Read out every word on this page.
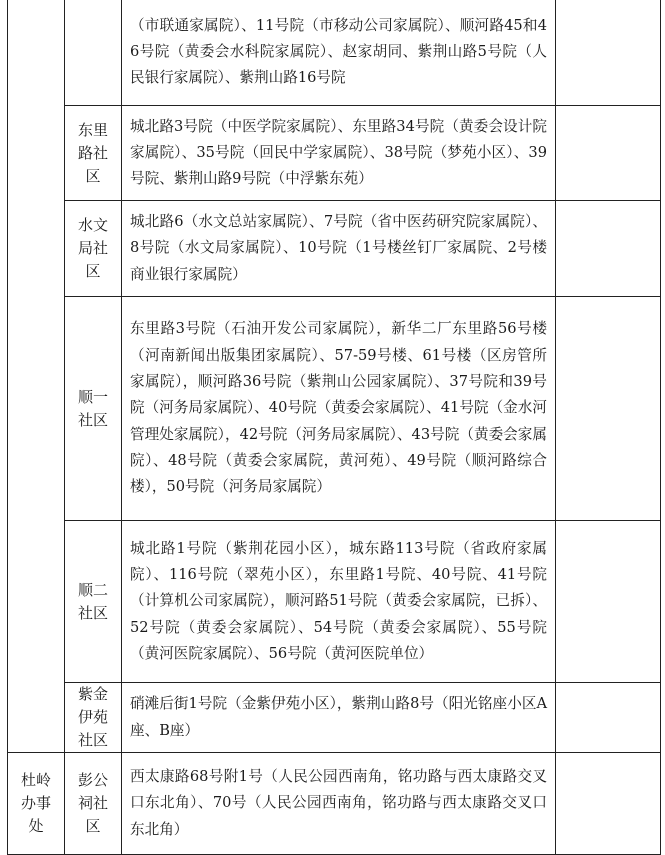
		（市联通家属院）、11号院（市移动公司家属院）、顺河路45和46号院（黄委会水科院家属院）、赵家胡同、紫荆山路5号院（人民银行家属院）、紫荆山路16号院	

	东里路社区	城北路3号院（中医学院家属院）、东里路34号院（黄委会设计院家属院）、35号院（回民中学家属院）、38号院（梦苑小区）、39号院、紫荆山路9号院（中浮紫东苑）	

	水文局社区	城北路6（水文总站家属院）、7号院（省中医药研究院家属院）、8号院（水文局家属院）、10号院（1号楼丝钉厂家属院、2号楼商业银行家属院）	

	顺一社区	东里路3号院（石油开发公司家属院），新华二厂东里路56号楼（河南新闻出版集团家属院）、57-59号楼、61号楼（区房管所家属院），顺河路36号院（紫荆山公园家属院）、37号院和39号院（河务局家属院）、40号院（黄委会家属院）、41号院（金水河管理处家属院），42号院（河务局家属院）、43号院（黄委会家属院）、48号院（黄委会家属院，黄河苑）、49号院（顺河路综合楼），50号院（河务局家属院）	

	顺二社区	城北路1号院（紫荆花园小区），城东路113号院（省政府家属院）、116号院（翠苑小区），东里路1号院、40号院、41号院（计算机公司家属院），顺河路51号院（黄委会家属院，已拆）、52号院（黄委会家属院）、54号院（黄委会家属院）、55号院（黄河医院家属院）、56号院（黄河医院单位）	

	紫金伊苑社区	硝滩后街1号院（金紫伊苑小区），紫荆山路8号（阳光铭座小区A座、B座）	

杜岭办事处	彭公祠社区	西太康路68号附1号（人民公园西南角，铭功路与西太康路交叉口东北角）、70号（人民公园西南角，铭功路与西太康路交叉口东北角）	
